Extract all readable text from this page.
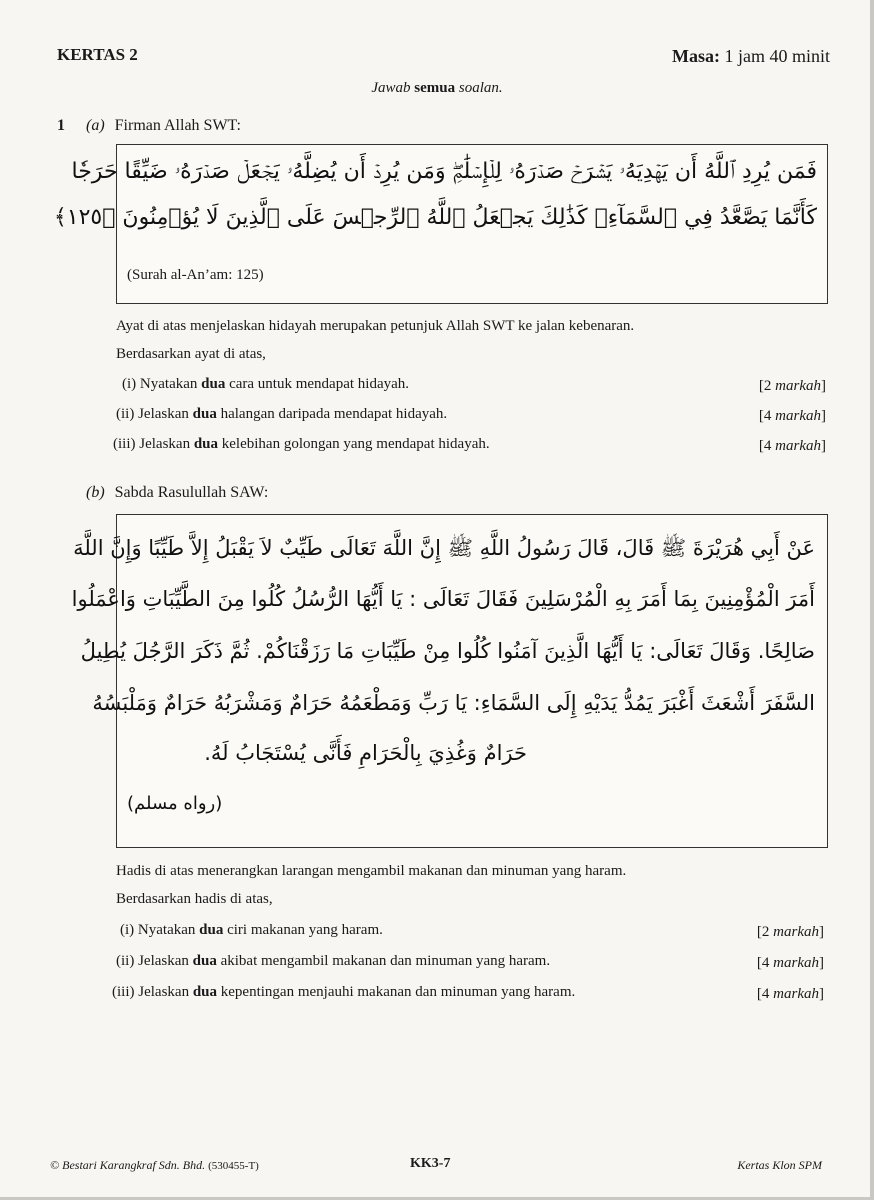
KERTAS 2	Masa: 1 jam 40 minit
Jawab semua soalan.
1 (a) Firman Allah SWT:
فَمَن يُرِدِ ٱللَّهُ أَن يَهۡدِيَهُۥ يَشۡرَحۡ صَدۡرَهُۥ لِلۡإِسۡلَٰمِۖ وَمَن يُرِدۡ أَن يُضِلَّهُۥ يَجۡعَلۡ صَدۡرَهُۥ ضَيِّقًا حَرَجٗا
كَأَنَّمَا يَصَّعَّدُ فِي ٱلسَّمَآءِۚ كَذَٰلِكَ يَجۡعَلُ ٱللَّهُ ٱلرِّجۡسَ عَلَى ٱلَّذِينَ لَا يُؤۡمِنُونَ ﴿١٢٥﴾
(Surah al-An’am: 125)
Ayat di atas menjelaskan hidayah merupakan petunjuk Allah SWT ke jalan kebenaran.
Berdasarkan ayat di atas,
(i) Nyatakan dua cara untuk mendapat hidayah.	[2 markah]
(ii) Jelaskan dua halangan daripada mendapat hidayah.	[4 markah]
(iii) Jelaskan dua kelebihan golongan yang mendapat hidayah.	[4 markah]
(b) Sabda Rasulullah SAW:
عَنْ أَبِي هُرَيْرَةَ ﷺ قَالَ، قَالَ رَسُولُ اللَّهِ ﷺ إِنَّ اللَّهَ تَعَالَى طَيِّبٌ لاَ يَقْبَلُ إِلاَّ طَيِّبًا وَإِنَّ اللَّهَ
أَمَرَ الْمُؤْمِنِينَ بِمَا أَمَرَ بِهِ الْمُرْسَلِينَ فَقَالَ تَعَالَى : يَا أَيُّهَا الرُّسُلُ كُلُوا مِنَ الطَّيِّبَاتِ وَاعْمَلُوا
صَالِحًا. وَقَالَ تَعَالَى: يَا أَيُّهَا الَّذِينَ آمَنُوا كُلُوا مِنْ طَيِّبَاتِ مَا رَزَقْنَاكُمْ. ثُمَّ ذَكَرَ الرَّجُلَ يُطِيلُ
السَّفَرَ أَشْعَثَ أَغْبَرَ يَمُدُّ يَدَيْهِ إِلَى السَّمَاءِ: يَا رَبِّ وَمَطْعَمُهُ حَرَامٌ وَمَشْرَبُهُ حَرَامٌ وَمَلْبَسُهُ
حَرَامٌ وَغُذِيَ بِالْحَرَامِ فَأَنَّى يُسْتَجَابُ لَهُ.
(رواه مسلم)
Hadis di atas menerangkan larangan mengambil makanan dan minuman yang haram.
Berdasarkan hadis di atas,
(i) Nyatakan dua ciri makanan yang haram.	[2 markah]
(ii) Jelaskan dua akibat mengambil makanan dan minuman yang haram.	[4 markah]
(iii) Jelaskan dua kepentingan menjauhi makanan dan minuman yang haram.	[4 markah]
© Bestari Karangkraf Sdn. Bhd. (530455-T)	KK3-7	Kertas Klon SPM
